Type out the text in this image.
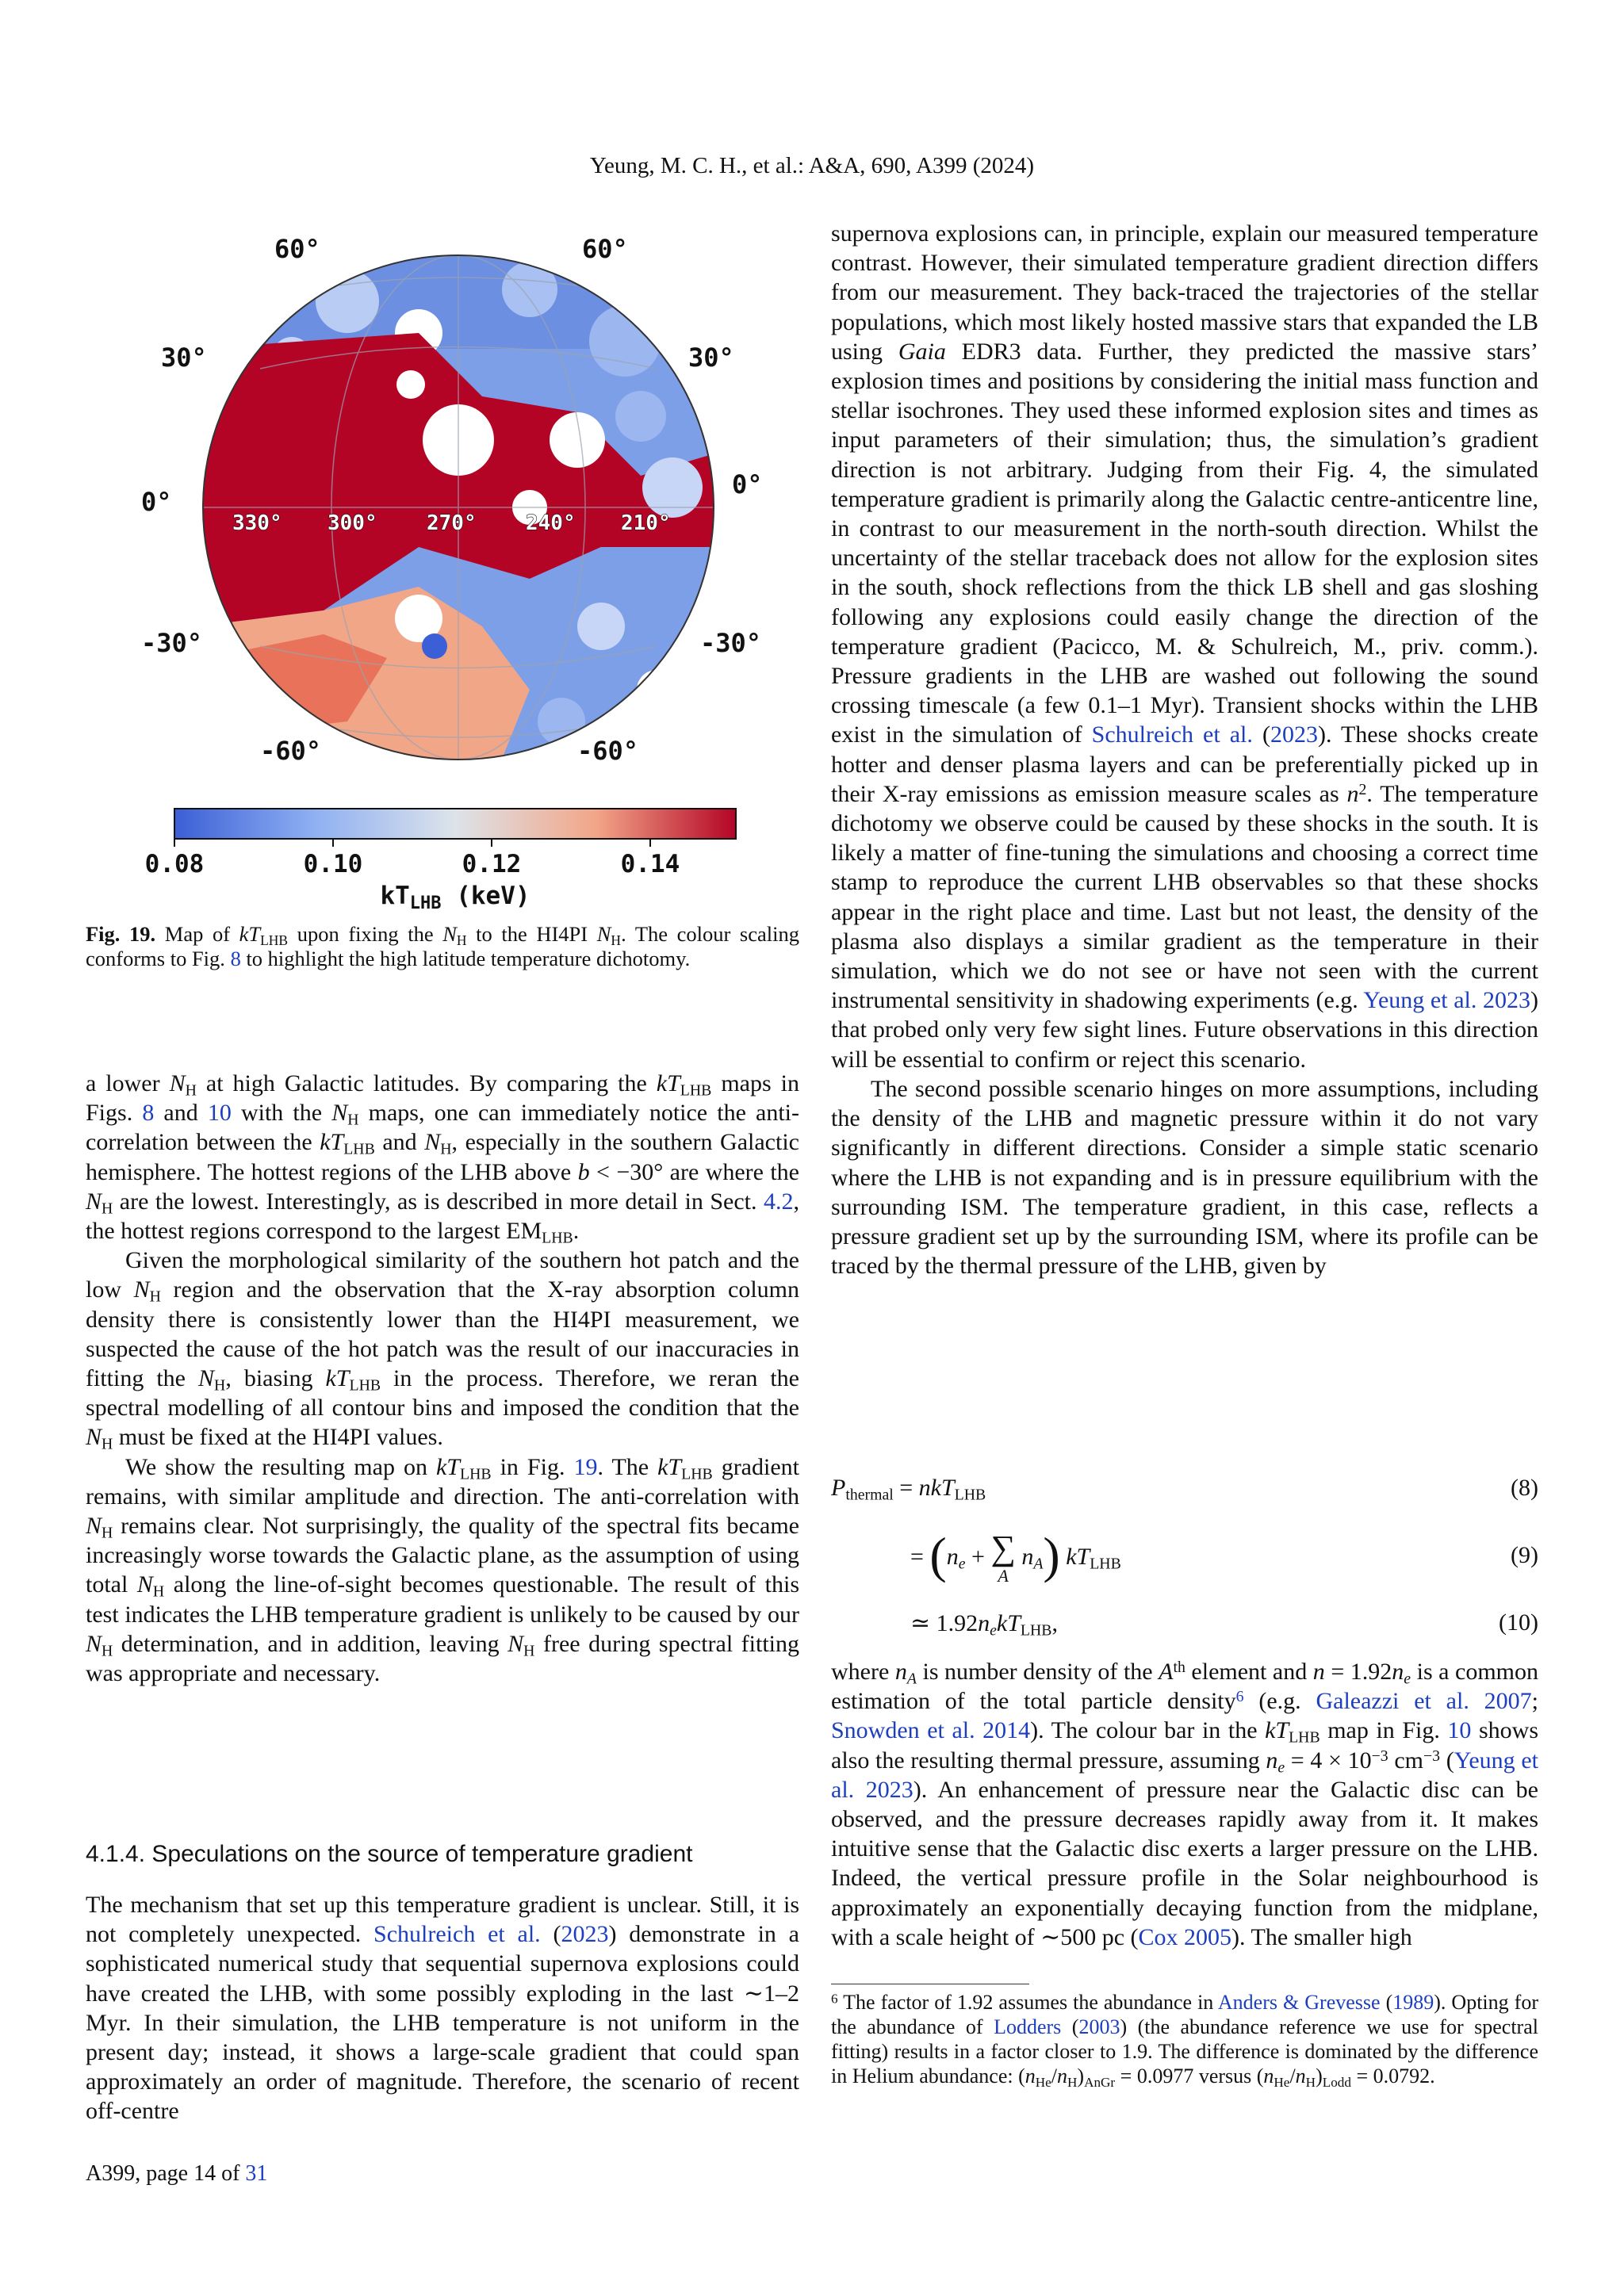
Yeung, M. C. H., et al.: A&A, 690, A399 (2024)
60°
30°
0°
-30°
-60°
60°
30°
0°
-30°
-60°
330° 300° 270° 240° 210°
0.08	0.10	0.12	0.14
kTLHB (keV)
Fig. 19. Map of $kT_{LHB}$ upon fixing the $N_H$ to the HI4PI $N_H$. The colour scaling conforms to Fig. 8 to highlight the high latitude temperature dichotomy.

a lower $N_H$ at high Galactic latitudes. By comparing the $kT_{LHB}$ maps in Figs. 8 and 10 with the $N_H$ maps, one can immediately notice the anti-correlation between the $kT_{LHB}$ and $N_H$, especially in the southern Galactic hemisphere. The hottest regions of the LHB above b < −30° are where the $N_H$ are the lowest. Interestingly, as is described in more detail in Sect. 4.2, the hottest regions correspond to the largest $EM_{LHB}$.

Given the morphological similarity of the southern hot patch and the low $N_H$ region and the observation that the X-ray absorption column density there is consistently lower than the HI4PI measurement, we suspected the cause of the hot patch was the result of our inaccuracies in fitting the $N_H$, biasing $kT_{LHB}$ in the process. Therefore, we reran the spectral modelling of all contour bins and imposed the condition that the $N_H$ must be fixed at the HI4PI values.

We show the resulting map on $kT_{LHB}$ in Fig. 19. The $kT_{LHB}$ gradient remains, with similar amplitude and direction. The anti-correlation with $N_H$ remains clear. Not surprisingly, the quality of the spectral fits became increasingly worse towards the Galactic plane, as the assumption of using total $N_H$ along the line-of-sight becomes questionable. The result of this test indicates the LHB temperature gradient is unlikely to be caused by our $N_H$ determination, and in addition, leaving $N_H$ free during spectral fitting was appropriate and necessary.

4.1.4. Speculations on the source of temperature gradient

The mechanism that set up this temperature gradient is unclear. Still, it is not completely unexpected. Schulreich et al. (2023) demonstrate in a sophisticated numerical study that sequential supernova explosions could have created the LHB, with some possibly exploding in the last ∼1–2 Myr. In their simulation, the LHB temperature is not uniform in the present day; instead, it shows a large-scale gradient that could span approximately an order of magnitude. Therefore, the scenario of recent off-centre

supernova explosions can, in principle, explain our measured temperature contrast. However, their simulated temperature gradient direction differs from our measurement. They back-traced the trajectories of the stellar populations, which most likely hosted massive stars that expanded the LB using Gaia EDR3 data. Further, they predicted the massive stars’ explosion times and positions by considering the initial mass function and stellar isochrones. They used these informed explosion sites and times as input parameters of their simulation; thus, the simulation’s gradient direction is not arbitrary. Judging from their Fig. 4, the simulated temperature gradient is primarily along the Galactic centre-anticentre line, in contrast to our measurement in the north-south direction. Whilst the uncertainty of the stellar traceback does not allow for the explosion sites in the south, shock reflections from the thick LB shell and gas sloshing following any explosions could easily change the direction of the temperature gradient (Pacicco, M. & Schulreich, M., priv. comm.). Pressure gradients in the LHB are washed out following the sound crossing timescale (a few 0.1–1 Myr). Transient shocks within the LHB exist in the simulation of Schulreich et al. (2023). These shocks create hotter and denser plasma layers and can be preferentially picked up in their X-ray emissions as emission measure scales as $n^2$. The temperature dichotomy we observe could be caused by these shocks in the south. It is likely a matter of fine-tuning the simulations and choosing a correct time stamp to reproduce the current LHB observables so that these shocks appear in the right place and time. Last but not least, the density of the plasma also displays a similar gradient as the temperature in their simulation, which we do not see or have not seen with the current instrumental sensitivity in shadowing experiments (e.g. Yeung et al. 2023) that probed only very few sight lines. Future observations in this direction will be essential to confirm or reject this scenario.

The second possible scenario hinges on more assumptions, including the density of the LHB and magnetic pressure within it do not vary significantly in different directions. Consider a simple static scenario where the LHB is not expanding and is in pressure equilibrium with the surrounding ISM. The temperature gradient, in this case, reflects a pressure gradient set up by the surrounding ISM, where its profile can be traced by the thermal pressure of the LHB, given by

$P_{thermal} = nkT_{LHB}$	(8)
= ($n_e$ + ∑
A $n_A$) $kT_{LHB}$	(9)
≃ $1.92n_ekT_{LHB}$,	(10)

where $n_A$ is number density of the $A^{th}$ element and $n = 1.92n_e$ is a common estimation of the total particle density$^6$ (e.g. Galeazzi et al. 2007; Snowden et al. 2014). The colour bar in the $kT_{LHB}$ map in Fig. 10 shows also the resulting thermal pressure, assuming $n_e = 4 \times 10^{-3}$ $cm^{-3}$ (Yeung et al. 2023). An enhancement of pressure near the Galactic disc can be observed, and the pressure decreases rapidly away from it. It makes intuitive sense that the Galactic disc exerts a larger pressure on the LHB. Indeed, the vertical pressure profile in the Solar neighbourhood is approximately an exponentially decaying function from the midplane, with a scale height of ∼500 pc (Cox 2005). The smaller high

$^6$ The factor of 1.92 assumes the abundance in Anders & Grevesse (1989). Opting for the abundance of Lodders (2003) (the abundance reference we use for spectral fitting) results in a factor closer to 1.9. The difference is dominated by the difference in Helium abundance: $(n_{He}/n_H)_{AnGr} = 0.0977$ versus $(n_{He}/n_H)_{Lodd} = 0.0792$.
A399, page 14 of 31
